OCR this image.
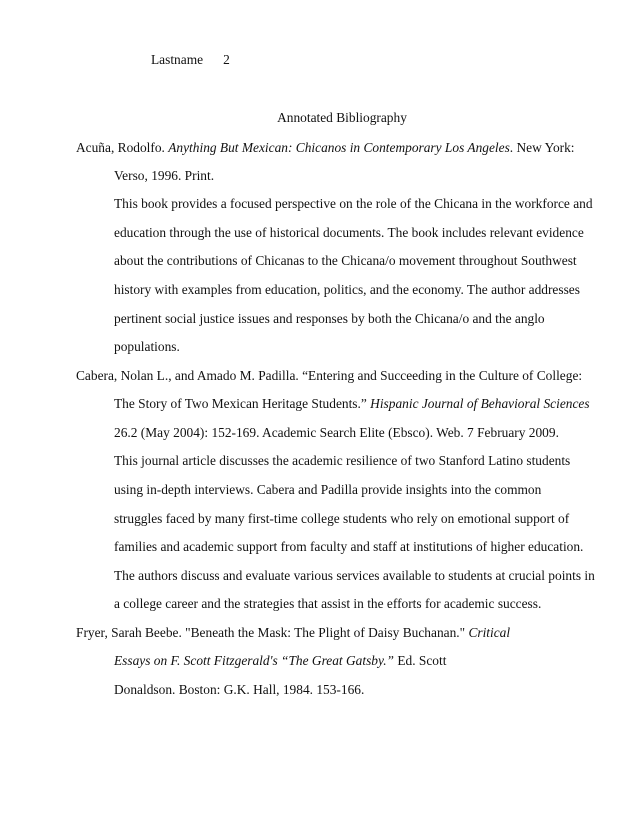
Lastname 2
Annotated Bibliography
Acuña, Rodolfo. Anything But Mexican: Chicanos in Contemporary Los Angeles. New York:
Verso, 1996. Print.
This book provides a focused perspective on the role of the Chicana in the workforce and
education through the use of historical documents. The book includes relevant evidence
about the contributions of Chicanas to the Chicana/o movement throughout Southwest
history with examples from education, politics, and the economy. The author addresses
pertinent social justice issues and responses by both the Chicana/o and the anglo
populations.
Cabera, Nolan L., and Amado M. Padilla. “Entering and Succeeding in the Culture of College:
The Story of Two Mexican Heritage Students.” Hispanic Journal of Behavioral Sciences
26.2 (May 2004): 152-169. Academic Search Elite (Ebsco). Web. 7 February 2009.
This journal article discusses the academic resilience of two Stanford Latino students
using in-depth interviews. Cabera and Padilla provide insights into the common
struggles faced by many first-time college students who rely on emotional support of
families and academic support from faculty and staff at institutions of higher education.
The authors discuss and evaluate various services available to students at crucial points in
a college career and the strategies that assist in the efforts for academic success.
Fryer, Sarah Beebe. "Beneath the Mask: The Plight of Daisy Buchanan." Critical
Essays on F. Scott Fitzgerald's “The Great Gatsby.” Ed. Scott
Donaldson. Boston: G.K. Hall, 1984. 153-166.
